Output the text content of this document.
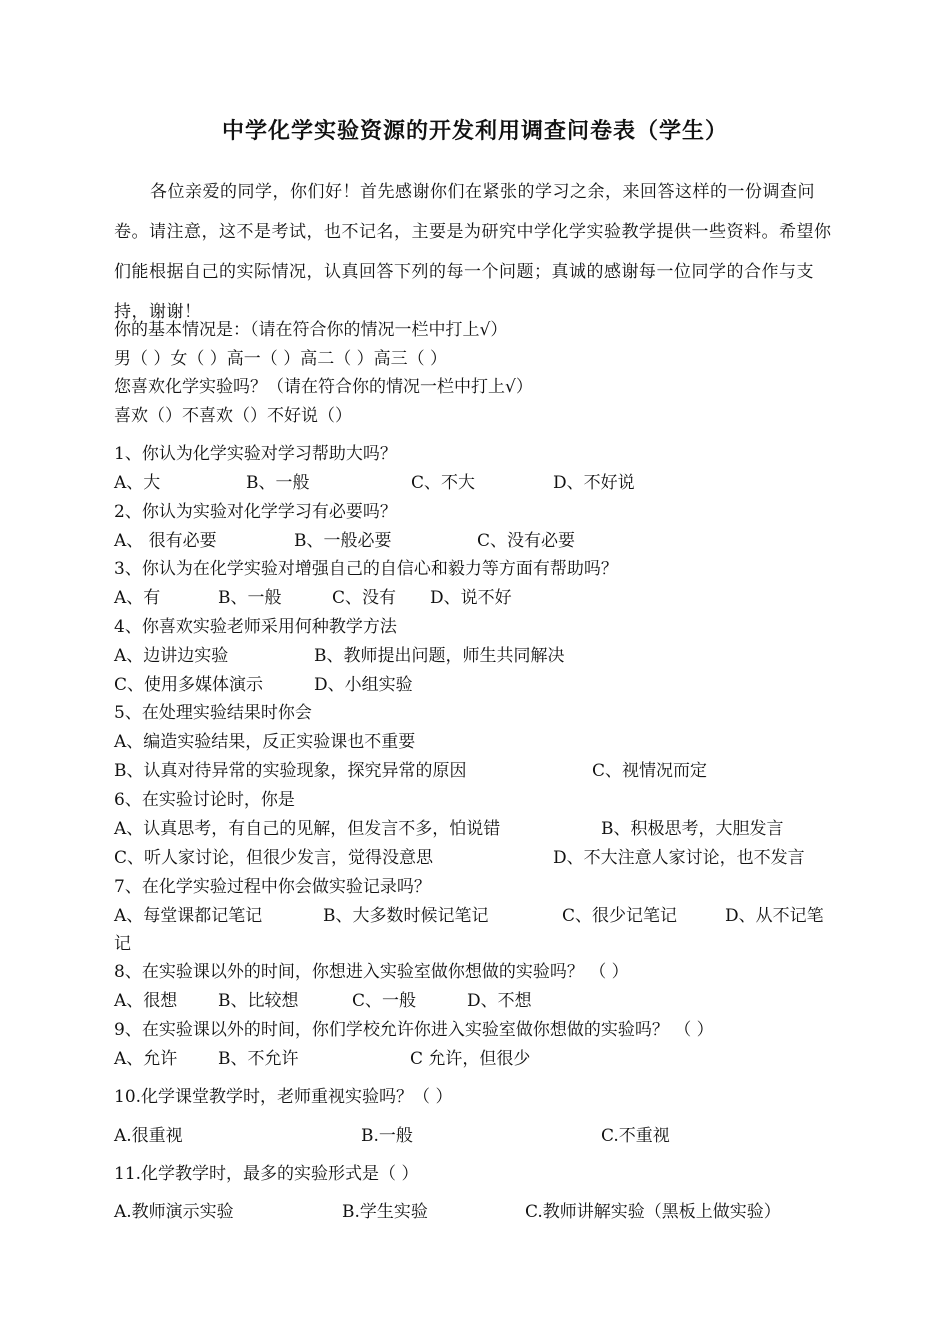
中学化学实验资源的开发利用调查问卷表（学生）
各位亲爱的同学，你们好！首先感谢你们在紧张的学习之余，来回答这样的一份调查问卷。请注意，这不是考试，也不记名，主要是为研究中学化学实验教学提供一些资料。希望你们能根据自己的实际情况，认真回答下列的每一个问题；真诚的感谢每一位同学的合作与支持，谢谢！
你的基本情况是：（请在符合你的情况一栏中打上√）
男（ ）女（ ）高一（ ）高二（ ）高三（ ）
您喜欢化学实验吗？（请在符合你的情况一栏中打上√）
喜欢（）不喜欢（）不好说（）
1、你认为化学实验对学习帮助大吗？
A、大	B、一般	C、不大	D、不好说
2、你认为实验对化学学习有必要吗？
A、 很有必要	B、一般必要	C、没有必要
3、你认为在化学实验对增强自己的自信心和毅力等方面有帮助吗？
A、有	B、一般	C、没有 D、说不好
4、你喜欢实验老师采用何种教学方法
A、边讲边实验	B、教师提出问题，师生共同解决
C、使用多媒体演示	D、小组实验
5、在处理实验结果时你会
A、编造实验结果，反正实验课也不重要
B、认真对待异常的实验现象，探究异常的原因	C、视情况而定
6、在实验讨论时，你是
A、认真思考，有自己的见解，但发言不多，怕说错	B、积极思考，大胆发言
C、听人家讨论，但很少发言，觉得没意思	D、不大注意人家讨论，也不发言
7、在化学实验过程中你会做实验记录吗？
A、每堂课都记笔记	B、大多数时候记笔记	C、很少记笔记	D、从不记笔
记
8、在实验课以外的时间，你想进入实验室做你想做的实验吗？ （ ）
A、很想 B、比较想	C、一般	D、不想
9、在实验课以外的时间，你们学校允许你进入实验室做你想做的实验吗？ （ ）
A、允许 B、不允许	C 允许，但很少
10.化学课堂教学时，老师重视实验吗？（ ）
A.很重视	B.一般	C.不重视
11.化学教学时，最多的实验形式是（ ）
A.教师演示实验	B.学生实验	C.教师讲解实验（黑板上做实验）
